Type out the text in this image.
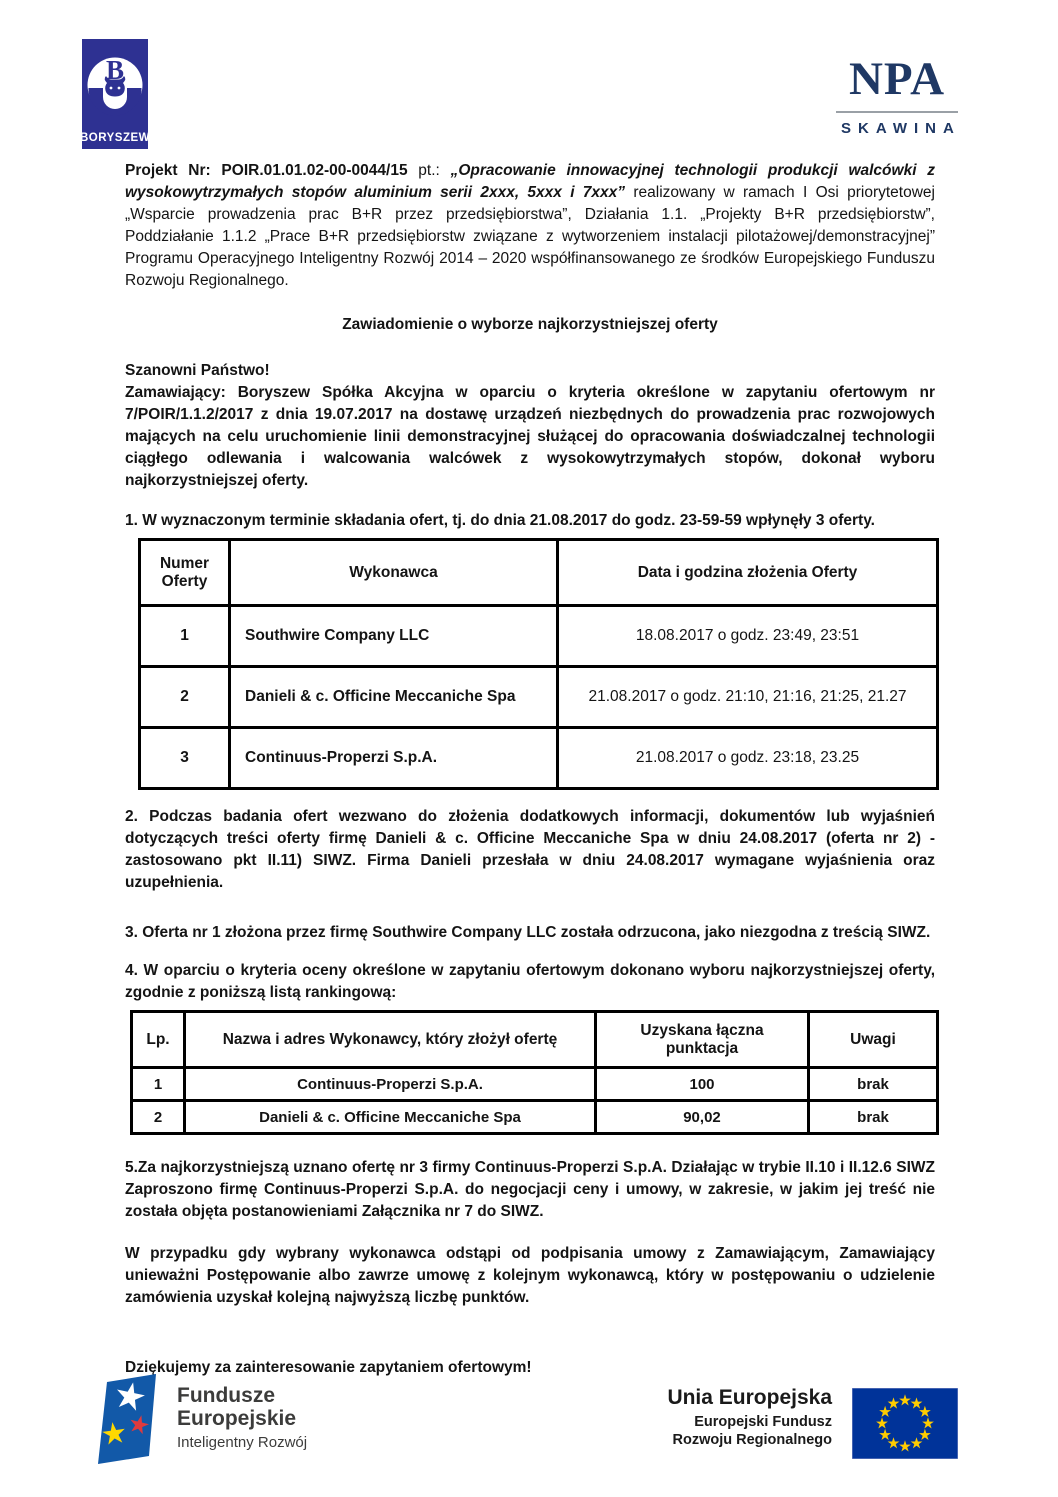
B
BORYSZEW
NPA
SKAWINA

Projekt Nr: POIR.01.01.02-00-0044/15 pt.: „Opracowanie innowacyjnej technologii produkcji walcówki z wysokowytrzymałych stopów aluminium serii 2xxx, 5xxx i 7xxx” realizowany w ramach I Osi priorytetowej „Wsparcie prowadzenia prac B+R przez przedsiębiorstwa”, Działania 1.1. „Projekty B+R przedsiębiorstw”, Poddziałanie 1.1.2 „Prace B+R przedsiębiorstw związane z wytworzeniem instalacji pilotażowej/demonstracyjnej” Programu Operacyjnego Inteligentny Rozwój 2014 – 2020 współfinansowanego ze środków Europejskiego Funduszu Rozwoju Regionalnego.

Zawiadomienie o wyborze najkorzystniejszej oferty

Szanowni Państwo!

Zamawiający: Boryszew Spółka Akcyjna w oparciu o kryteria określone w zapytaniu ofertowym nr 7/POIR/1.1.2/2017 z dnia 19.07.2017 na dostawę urządzeń niezbędnych do prowadzenia prac rozwojowych mających na celu uruchomienie linii demonstracyjnej służącej do opracowania doświadczalnej technologii ciągłego odlewania i walcowania walcówek z wysokowytrzymałych stopów, dokonał wyboru najkorzystniejszej oferty.

1. W wyznaczonym terminie składania ofert, tj. do dnia 21.08.2017 do godz. 23-59-59 wpłynęły 3 oferty.

Numer Oferty	Wykonawca	Data i godzina złożenia Oferty
1	Southwire Company LLC	18.08.2017 o godz. 23:49, 23:51
2	Danieli & c. Officine Meccaniche Spa	21.08.2017 o godz. 21:10, 21:16, 21:25, 21.27
3	Continuus-Properzi S.p.A.	21.08.2017 o godz. 23:18, 23.25

2. Podczas badania ofert wezwano do złożenia dodatkowych informacji, dokumentów lub wyjaśnień dotyczących treści oferty firmę Danieli & c. Officine Meccaniche Spa w dniu 24.08.2017 (oferta nr 2) - zastosowano pkt II.11) SIWZ. Firma Danieli przesłała w dniu 24.08.2017 wymagane wyjaśnienia oraz uzupełnienia.

3. Oferta nr 1 złożona przez firmę Southwire Company LLC została odrzucona, jako niezgodna z treścią SIWZ.

4. W oparciu o kryteria oceny określone w zapytaniu ofertowym dokonano wyboru najkorzystniejszej oferty, zgodnie z poniższą listą rankingową:

Lp.	Nazwa i adres Wykonawcy, który złożył ofertę	Uzyskana łączna punktacja	Uwagi
1	Continuus-Properzi S.p.A.	100	brak
2	Danieli & c. Officine Meccaniche Spa	90,02	brak

5.Za najkorzystniejszą uznano ofertę nr 3 firmy Continuus-Properzi S.p.A. Działając w trybie II.10 i II.12.6 SIWZ Zaproszono firmę Continuus-Properzi S.p.A. do negocjacji ceny i umowy, w zakresie, w jakim jej treść nie została objęta postanowieniami Załącznika nr 7 do SIWZ.

W przypadku gdy wybrany wykonawca odstąpi od podpisania umowy z Zamawiającym, Zamawiający unieważni Postępowanie albo zawrze umowę z kolejnym wykonawcą, który w postępowaniu o udzielenie zamówienia uzyskał kolejną najwyższą liczbę punktów.

Dziękujemy za zainteresowanie zapytaniem ofertowym!

Fundusze
Europejskie
Inteligentny Rozwój
Unia Europejska
Europejski Fundusz
Rozwoju Regionalnego
